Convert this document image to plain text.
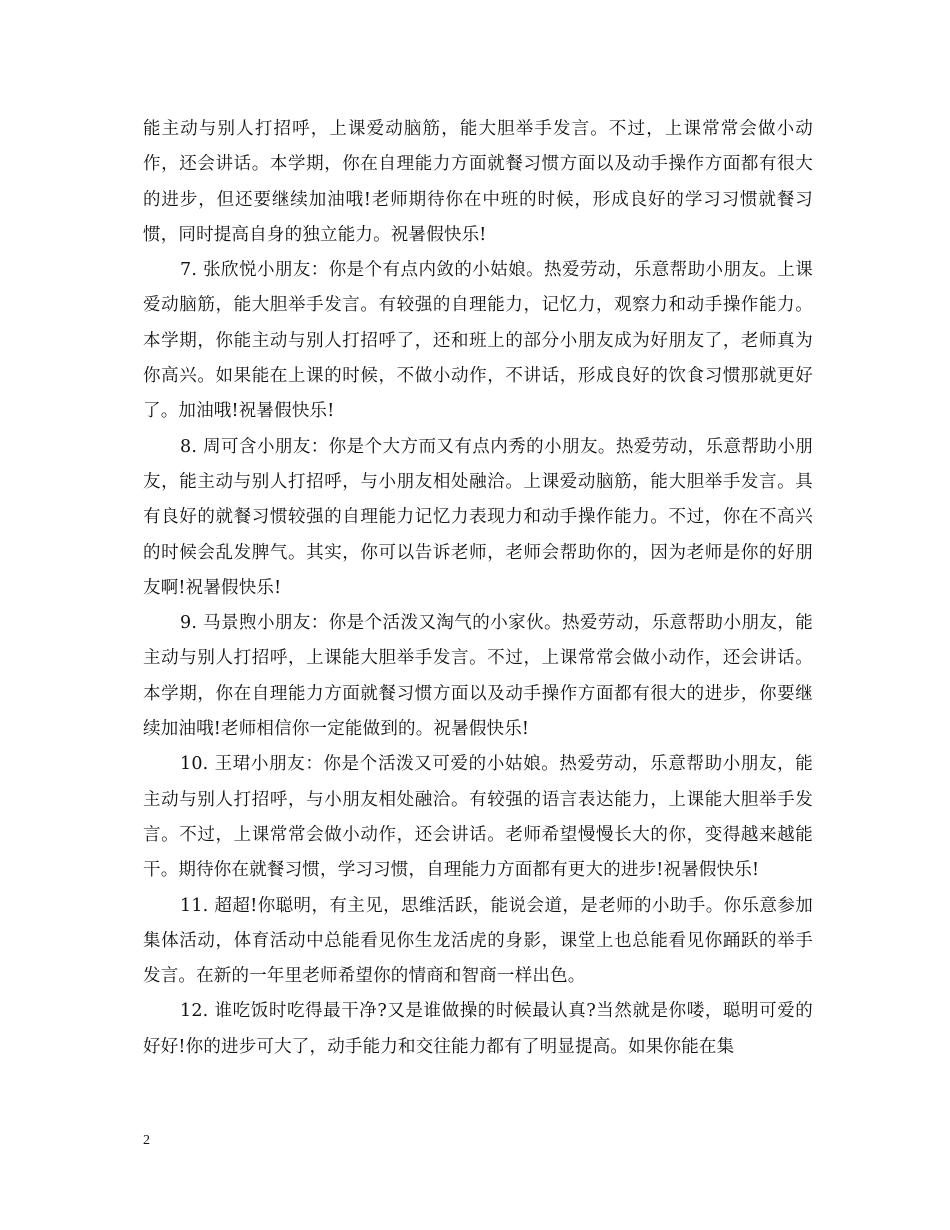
能主动与别人打招呼，上课爱动脑筋，能大胆举手发言。不过，上课常常会做小动作，还会讲话。本学期，你在自理能力方面就餐习惯方面以及动手操作方面都有很大的进步，但还要继续加油哦!老师期待你在中班的时候，形成良好的学习习惯就餐习惯，同时提高自身的独立能力。祝暑假快乐!

7. 张欣悦小朋友：你是个有点内敛的小姑娘。热爱劳动，乐意帮助小朋友。上课爱动脑筋，能大胆举手发言。有较强的自理能力，记忆力，观察力和动手操作能力。本学期，你能主动与别人打招呼了，还和班上的部分小朋友成为好朋友了，老师真为你高兴。如果能在上课的时候，不做小动作，不讲话，形成良好的饮食习惯那就更好了。加油哦!祝暑假快乐!

8. 周可含小朋友：你是个大方而又有点内秀的小朋友。热爱劳动，乐意帮助小朋友，能主动与别人打招呼，与小朋友相处融洽。上课爱动脑筋，能大胆举手发言。具有良好的就餐习惯较强的自理能力记忆力表现力和动手操作能力。不过，你在不高兴的时候会乱发脾气。其实，你可以告诉老师，老师会帮助你的，因为老师是你的好朋友啊!祝暑假快乐!

9. 马景煦小朋友：你是个活泼又淘气的小家伙。热爱劳动，乐意帮助小朋友，能主动与别人打招呼，上课能大胆举手发言。不过，上课常常会做小动作，还会讲话。本学期，你在自理能力方面就餐习惯方面以及动手操作方面都有很大的进步，你要继续加油哦!老师相信你一定能做到的。祝暑假快乐!

10. 王珺小朋友：你是个活泼又可爱的小姑娘。热爱劳动，乐意帮助小朋友，能主动与别人打招呼，与小朋友相处融洽。有较强的语言表达能力，上课能大胆举手发言。不过，上课常常会做小动作，还会讲话。老师希望慢慢长大的你，变得越来越能干。期待你在就餐习惯，学习习惯，自理能力方面都有更大的进步!祝暑假快乐!

11. 超超!你聪明，有主见，思维活跃，能说会道，是老师的小助手。你乐意参加集体活动，体育活动中总能看见你生龙活虎的身影，课堂上也总能看见你踊跃的举手发言。在新的一年里老师希望你的情商和智商一样出色。

12. 谁吃饭时吃得最干净?又是谁做操的时候最认真?当然就是你喽，聪明可爱的好好!你的进步可大了，动手能力和交往能力都有了明显提高。如果你能在集

2
